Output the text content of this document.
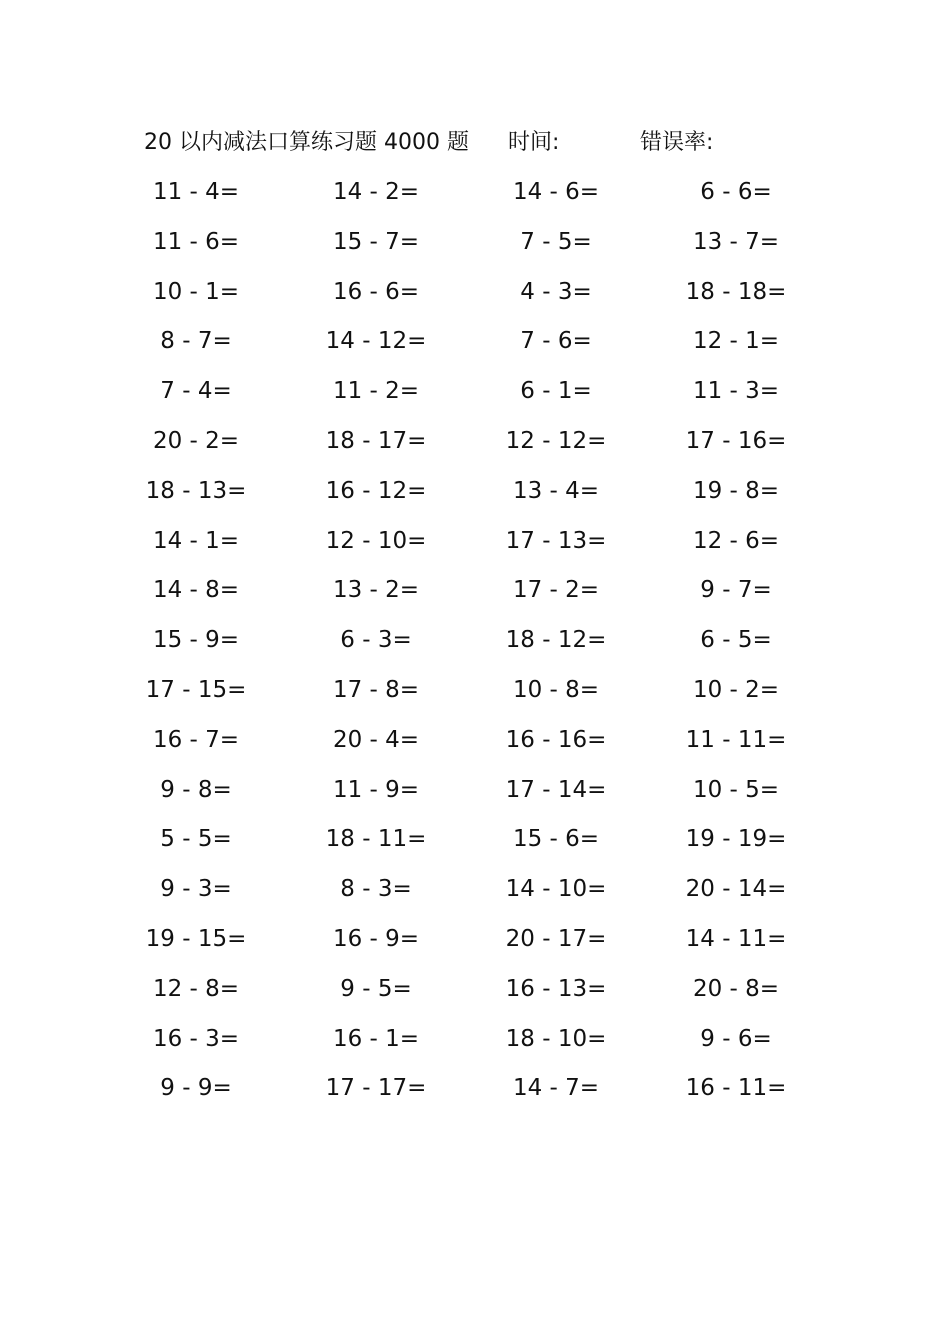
20 以内减法口算练习题 4000 题 时间:	错误率:
11 - 4=	14 - 2=	14 - 6=	6 - 6=
11 - 6=	15 - 7=	7 - 5=	13 - 7=
10 - 1=	16 - 6=	4 - 3=	18 - 18=
8 - 7=	14 - 12=	7 - 6=	12 - 1=
7 - 4=	11 - 2=	6 - 1=	11 - 3=
20 - 2=	18 - 17=	12 - 12=	17 - 16=
18 - 13=	16 - 12=	13 - 4=	19 - 8=
14 - 1=	12 - 10=	17 - 13=	12 - 6=
14 - 8=	13 - 2=	17 - 2=	9 - 7=
15 - 9=	6 - 3=	18 - 12=	6 - 5=
17 - 15=	17 - 8=	10 - 8=	10 - 2=
16 - 7=	20 - 4=	16 - 16=	11 - 11=
9 - 8=	11 - 9=	17 - 14=	10 - 5=
5 - 5=	18 - 11=	15 - 6=	19 - 19=
9 - 3=	8 - 3=	14 - 10=	20 - 14=
19 - 15=	16 - 9=	20 - 17=	14 - 11=
12 - 8=	9 - 5=	16 - 13=	20 - 8=
16 - 3=	16 - 1=	18 - 10=	9 - 6=
9 - 9=	17 - 17=	14 - 7=	16 - 11=
